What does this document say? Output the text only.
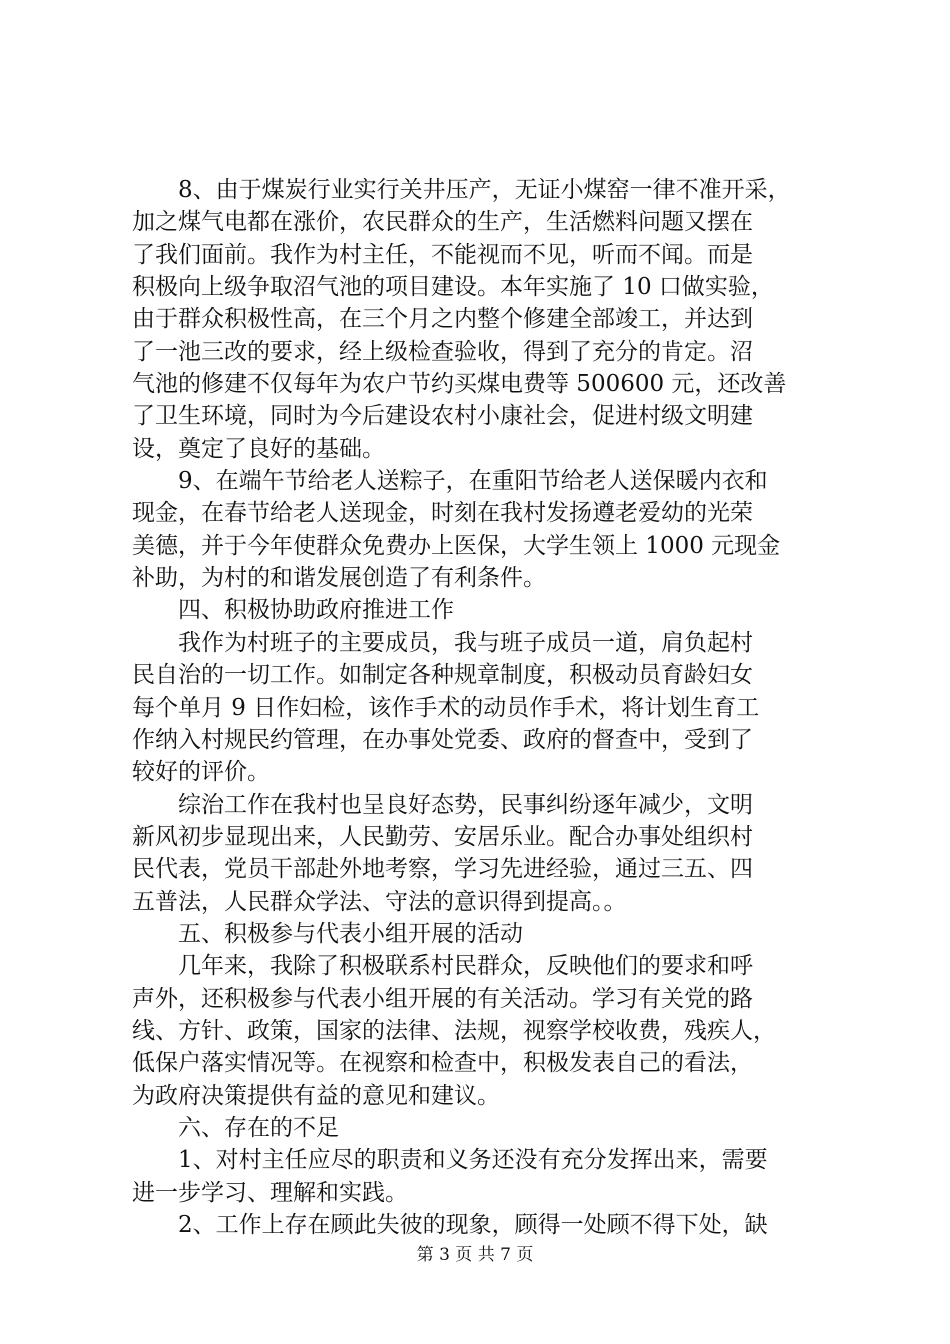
8、由于煤炭行业实行关井压产，无证小煤窑一律不准开采，
加之煤气电都在涨价，农民群众的生产，生活燃料问题又摆在
了我们面前。我作为村主任，不能视而不见，听而不闻。而是
积极向上级争取沼气池的项目建设。本年实施了 10 口做实验，
由于群众积极性高，在三个月之内整个修建全部竣工，并达到
了一池三改的要求，经上级检查验收，得到了充分的肯定。沼
气池的修建不仅每年为农户节约买煤电费等 500600 元，还改善
了卫生环境，同时为今后建设农村小康社会，促进村级文明建
设，奠定了良好的基础。
9、在端午节给老人送粽子，在重阳节给老人送保暖内衣和
现金，在春节给老人送现金，时刻在我村发扬遵老爱幼的光荣
美德，并于今年使群众免费办上医保，大学生领上 1000 元现金
补助，为村的和谐发展创造了有利条件。
四、积极协助政府推进工作
我作为村班子的主要成员，我与班子成员一道，肩负起村
民自治的一切工作。如制定各种规章制度，积极动员育龄妇女
每个单月 9 日作妇检，该作手术的动员作手术，将计划生育工
作纳入村规民约管理，在办事处党委、政府的督查中，受到了
较好的评价。
综治工作在我村也呈良好态势，民事纠纷逐年减少，文明
新风初步显现出来，人民勤劳、安居乐业。配合办事处组织村
民代表，党员干部赴外地考察，学习先进经验，通过三五、四
五普法，人民群众学法、守法的意识得到提高。。
五、积极参与代表小组开展的活动
几年来，我除了积极联系村民群众，反映他们的要求和呼
声外，还积极参与代表小组开展的有关活动。学习有关党的路
线、方针、政策，国家的法律、法规，视察学校收费，残疾人，
低保户落实情况等。在视察和检查中，积极发表自己的看法，
为政府决策提供有益的意见和建议。
六、存在的不足
1、对村主任应尽的职责和义务还没有充分发挥出来，需要
进一步学习、理解和实践。
2、工作上存在顾此失彼的现象，顾得一处顾不得下处，缺
第 3 页 共 7 页
